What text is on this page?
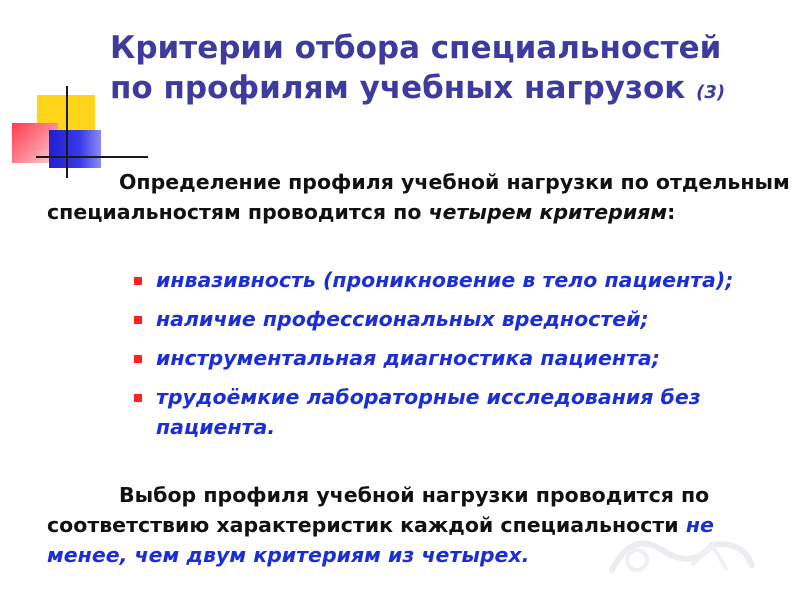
Критерии отбора специальностей
по профилям учебных нагрузок (3)

Определение профиля учебной нагрузки по отдельным специальностям проводится по четырем критериям:

инвазивность (проникновение в тело пациента);
наличие профессиональных вредностей;
инструментальная диагностика пациента;
трудоёмкие лабораторные исследования без пациента.

Выбор профиля учебной нагрузки проводится по соответствию характеристик каждой специальности не менее, чем двум критериям из четырех.
